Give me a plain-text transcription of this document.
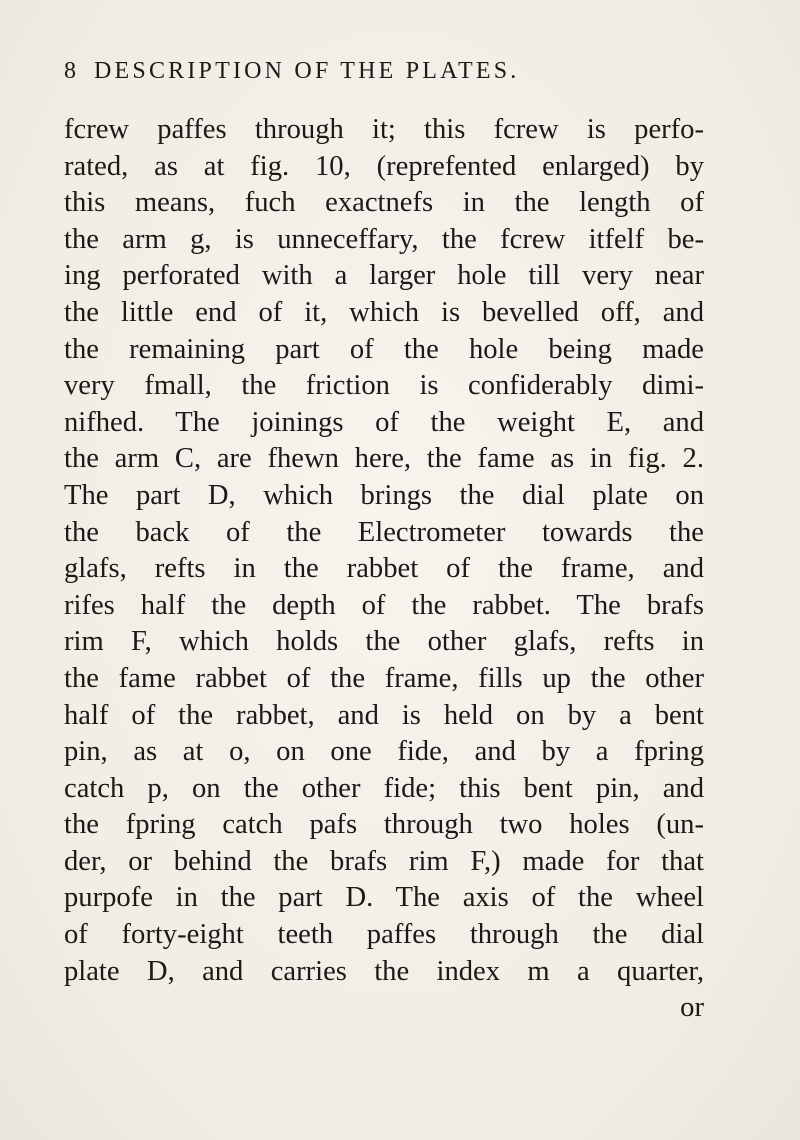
8 DESCRIPTION OF THE PLATES.
fcrew paffes through it; this fcrew is perfo-
rated, as at fig. 10, (reprefented enlarged) by
this means, fuch exactnefs in the length of
the arm g, is unneceffary, the fcrew itfelf be-
ing perforated with a larger hole till very near
the little end of it, which is bevelled off, and
the remaining part of the hole being made
very fmall, the friction is confiderably dimi-
nifhed. The joinings of the weight E, and
the arm C, are fhewn here, the fame as in fig. 2.
The part D, which brings the dial plate on
the back of the Electrometer towards the
glafs, refts in the rabbet of the frame, and
rifes half the depth of the rabbet. The brafs
rim F, which holds the other glafs, refts in
the fame rabbet of the frame, fills up the other
half of the rabbet, and is held on by a bent
pin, as at o, on one fide, and by a fpring
catch p, on the other fide; this bent pin, and
the fpring catch pafs through two holes (un-
der, or behind the brafs rim F,) made for that
purpofe in the part D. The axis of the wheel
of forty-eight teeth paffes through the dial
plate D, and carries the index m a quarter,
or
